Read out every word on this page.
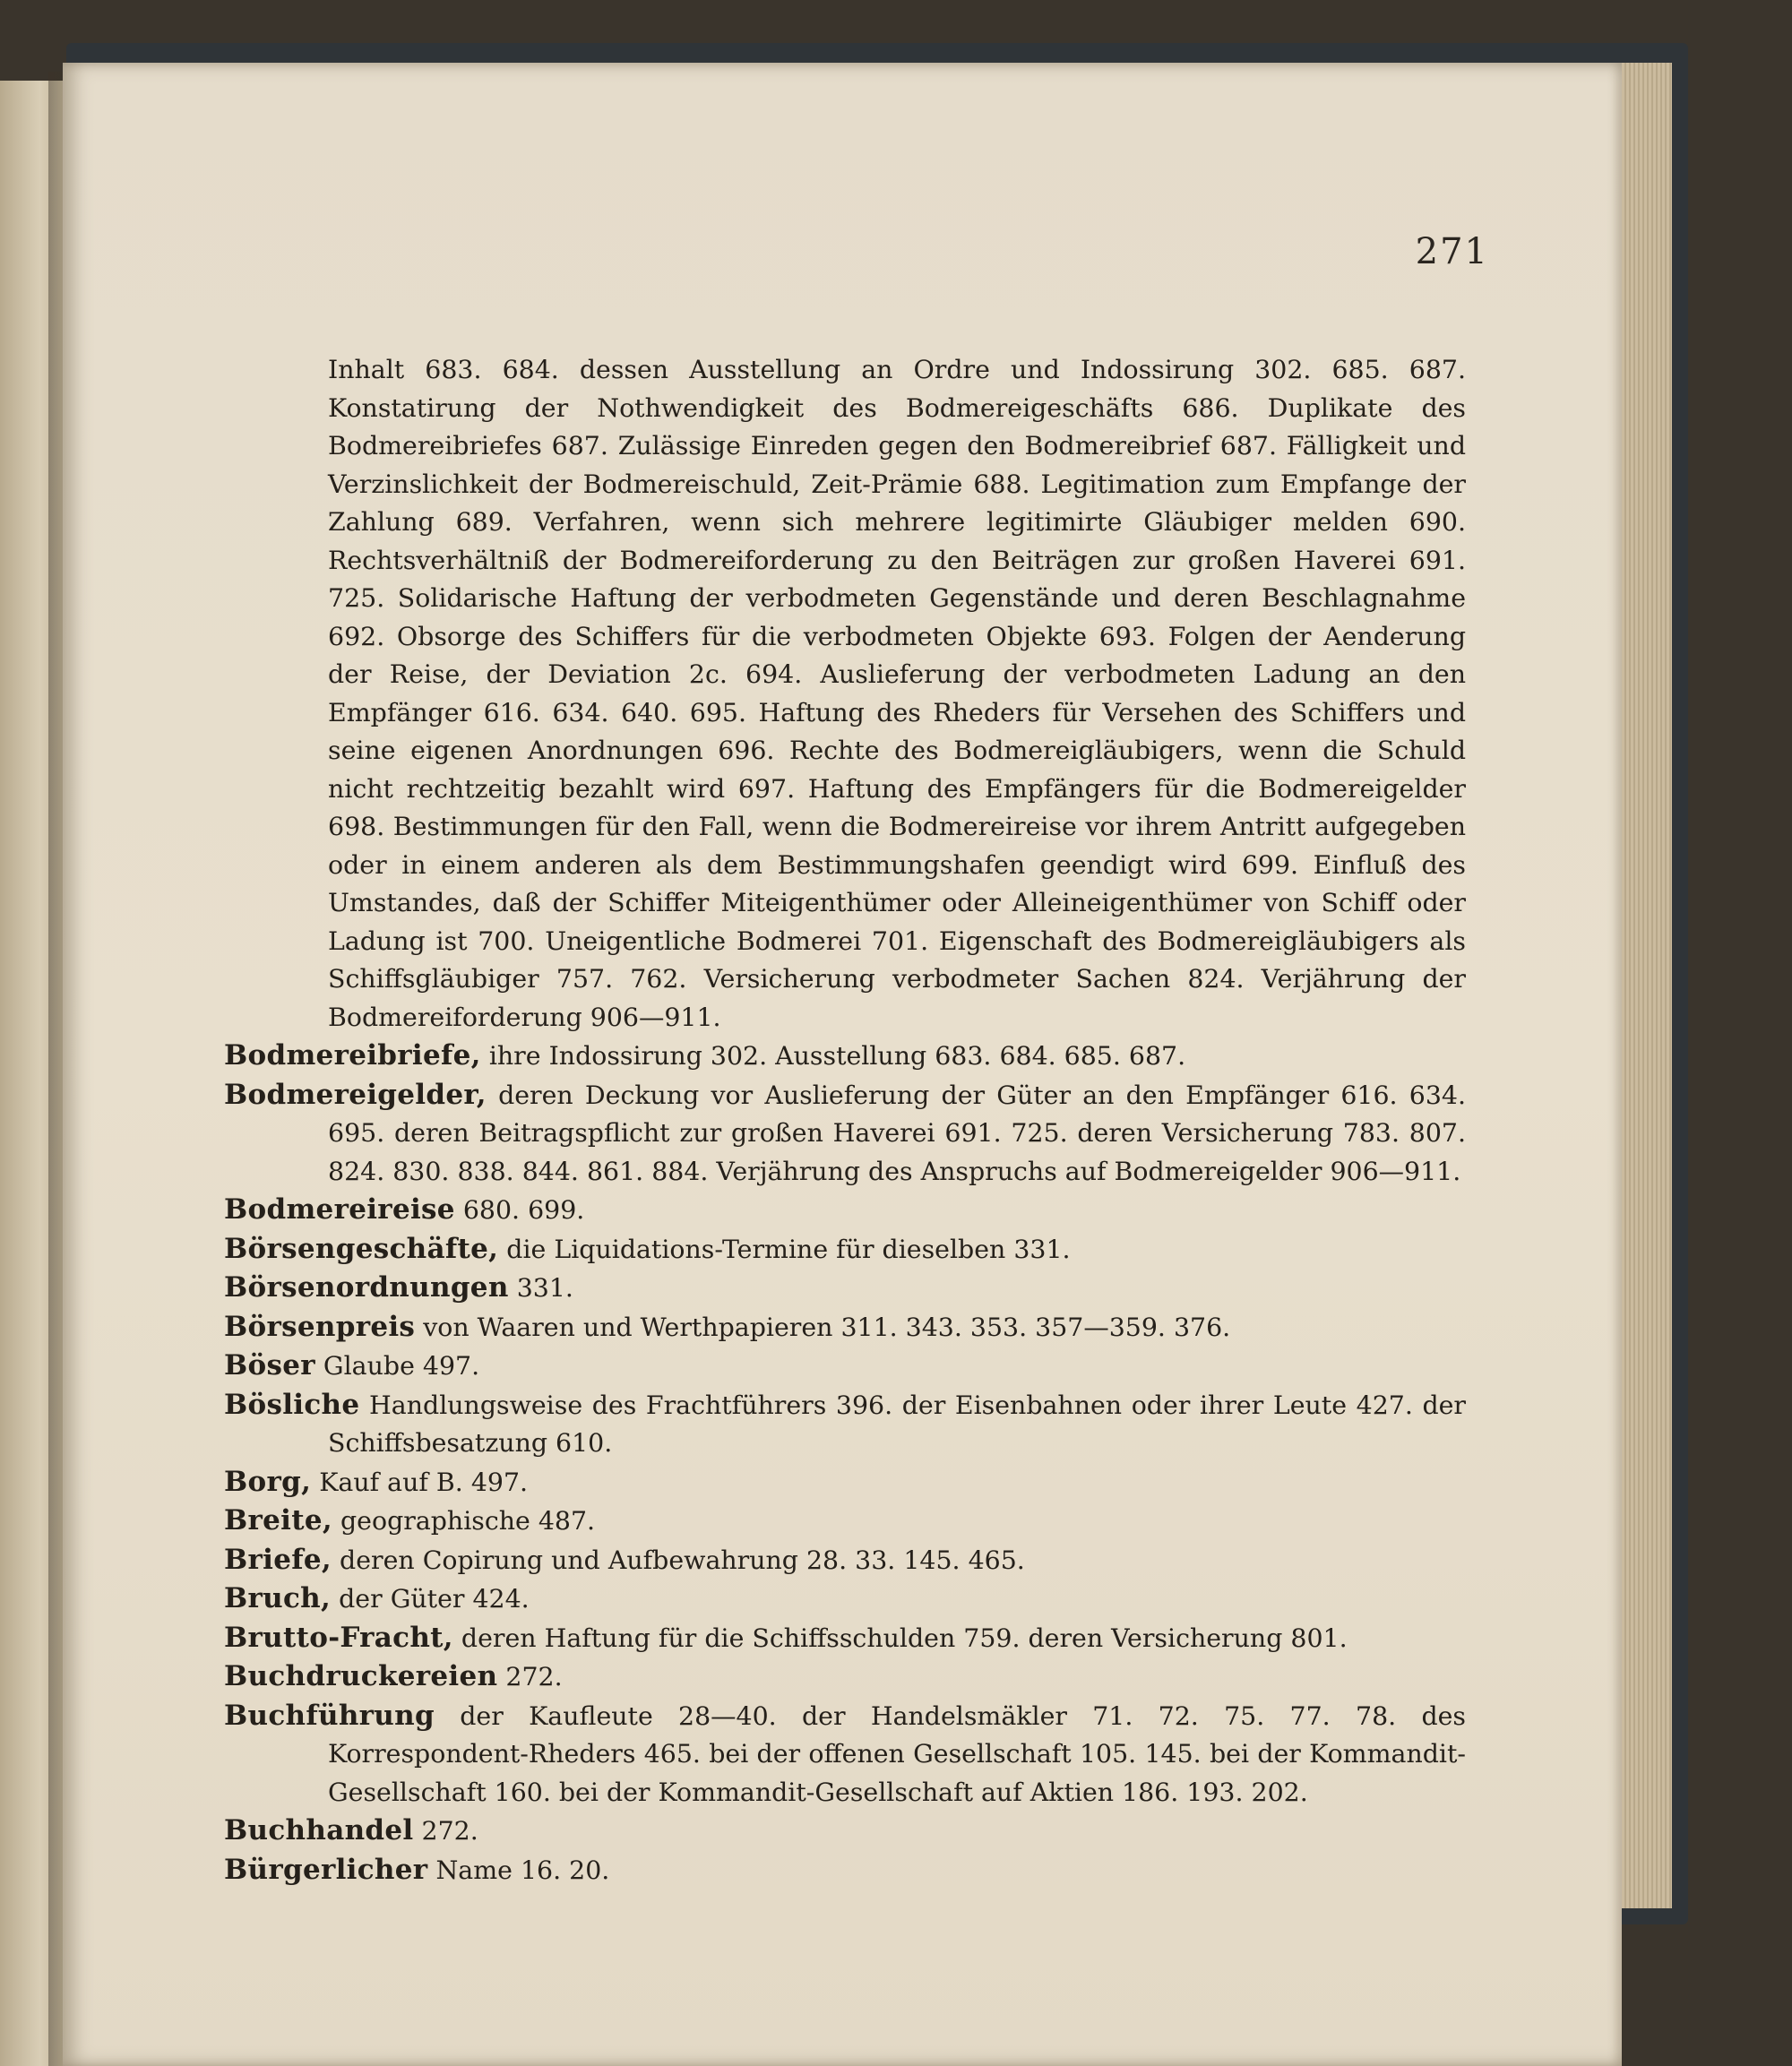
271

Inhalt 683. 684. dessen Ausstellung an Ordre und Indossirung 302. 685. 687. Konstatirung der Nothwendigkeit des Bodmereigeschäfts 686. Duplikate des Bodmereibriefes 687. Zulässige Einreden gegen den Bodmereibrief 687. Fälligkeit und Verzinslichkeit der Bodmereischuld, Zeit-Prämie 688. Legitimation zum Empfange der Zahlung 689. Verfahren, wenn sich mehrere legitimirte Gläubiger melden 690. Rechtsverhältniß der Bodmereiforderung zu den Beiträgen zur großen Haverei 691. 725. Solidarische Haftung der verbodmeten Gegenstände und deren Beschlagnahme 692. Obsorge des Schiffers für die verbodmeten Objekte 693. Folgen der Aenderung der Reise, der Deviation 2c. 694. Auslieferung der verbodmeten Ladung an den Empfänger 616. 634. 640. 695. Haftung des Rheders für Versehen des Schiffers und seine eigenen Anordnungen 696. Rechte des Bodmereigläubigers, wenn die Schuld nicht rechtzeitig bezahlt wird 697. Haftung des Empfängers für die Bodmereigelder 698. Bestimmungen für den Fall, wenn die Bodmereireise vor ihrem Antritt aufgegeben oder in einem anderen als dem Bestimmungshafen geendigt wird 699. Einfluß des Umstandes, daß der Schiffer Miteigenthümer oder Alleineigenthümer von Schiff oder Ladung ist 700. Uneigentliche Bodmerei 701. Eigenschaft des Bodmereigläubigers als Schiffsgläubiger 757. 762. Versicherung verbodmeter Sachen 824. Verjährung der Bodmereiforderung 906—911.

Bodmereibriefe, ihre Indossirung 302. Ausstellung 683. 684. 685. 687.

Bodmereigelder, deren Deckung vor Auslieferung der Güter an den Empfänger 616. 634. 695. deren Beitragspflicht zur großen Haverei 691. 725. deren Versicherung 783. 807. 824. 830. 838. 844. 861. 884. Verjährung des Anspruchs auf Bodmereigelder 906—911.

Bodmereireise 680. 699.

Börsengeschäfte, die Liquidations-Termine für dieselben 331.

Börsenordnungen 331.

Börsenpreis von Waaren und Werthpapieren 311. 343. 353. 357—359. 376.

Böser Glaube 497.

Bösliche Handlungsweise des Frachtführers 396. der Eisenbahnen oder ihrer Leute 427. der Schiffsbesatzung 610.

Borg, Kauf auf B. 497.

Breite, geographische 487.

Briefe, deren Copirung und Aufbewahrung 28. 33. 145. 465.

Bruch, der Güter 424.

Brutto-Fracht, deren Haftung für die Schiffsschulden 759. deren Versicherung 801.

Buchdruckereien 272.

Buchführung der Kaufleute 28—40. der Handelsmäkler 71. 72. 75. 77. 78. des Korrespondent-Rheders 465. bei der offenen Gesellschaft 105. 145. bei der Kommandit-Gesellschaft 160. bei der Kommandit-Gesellschaft auf Aktien 186. 193. 202.

Buchhandel 272.

Bürgerlicher Name 16. 20.
